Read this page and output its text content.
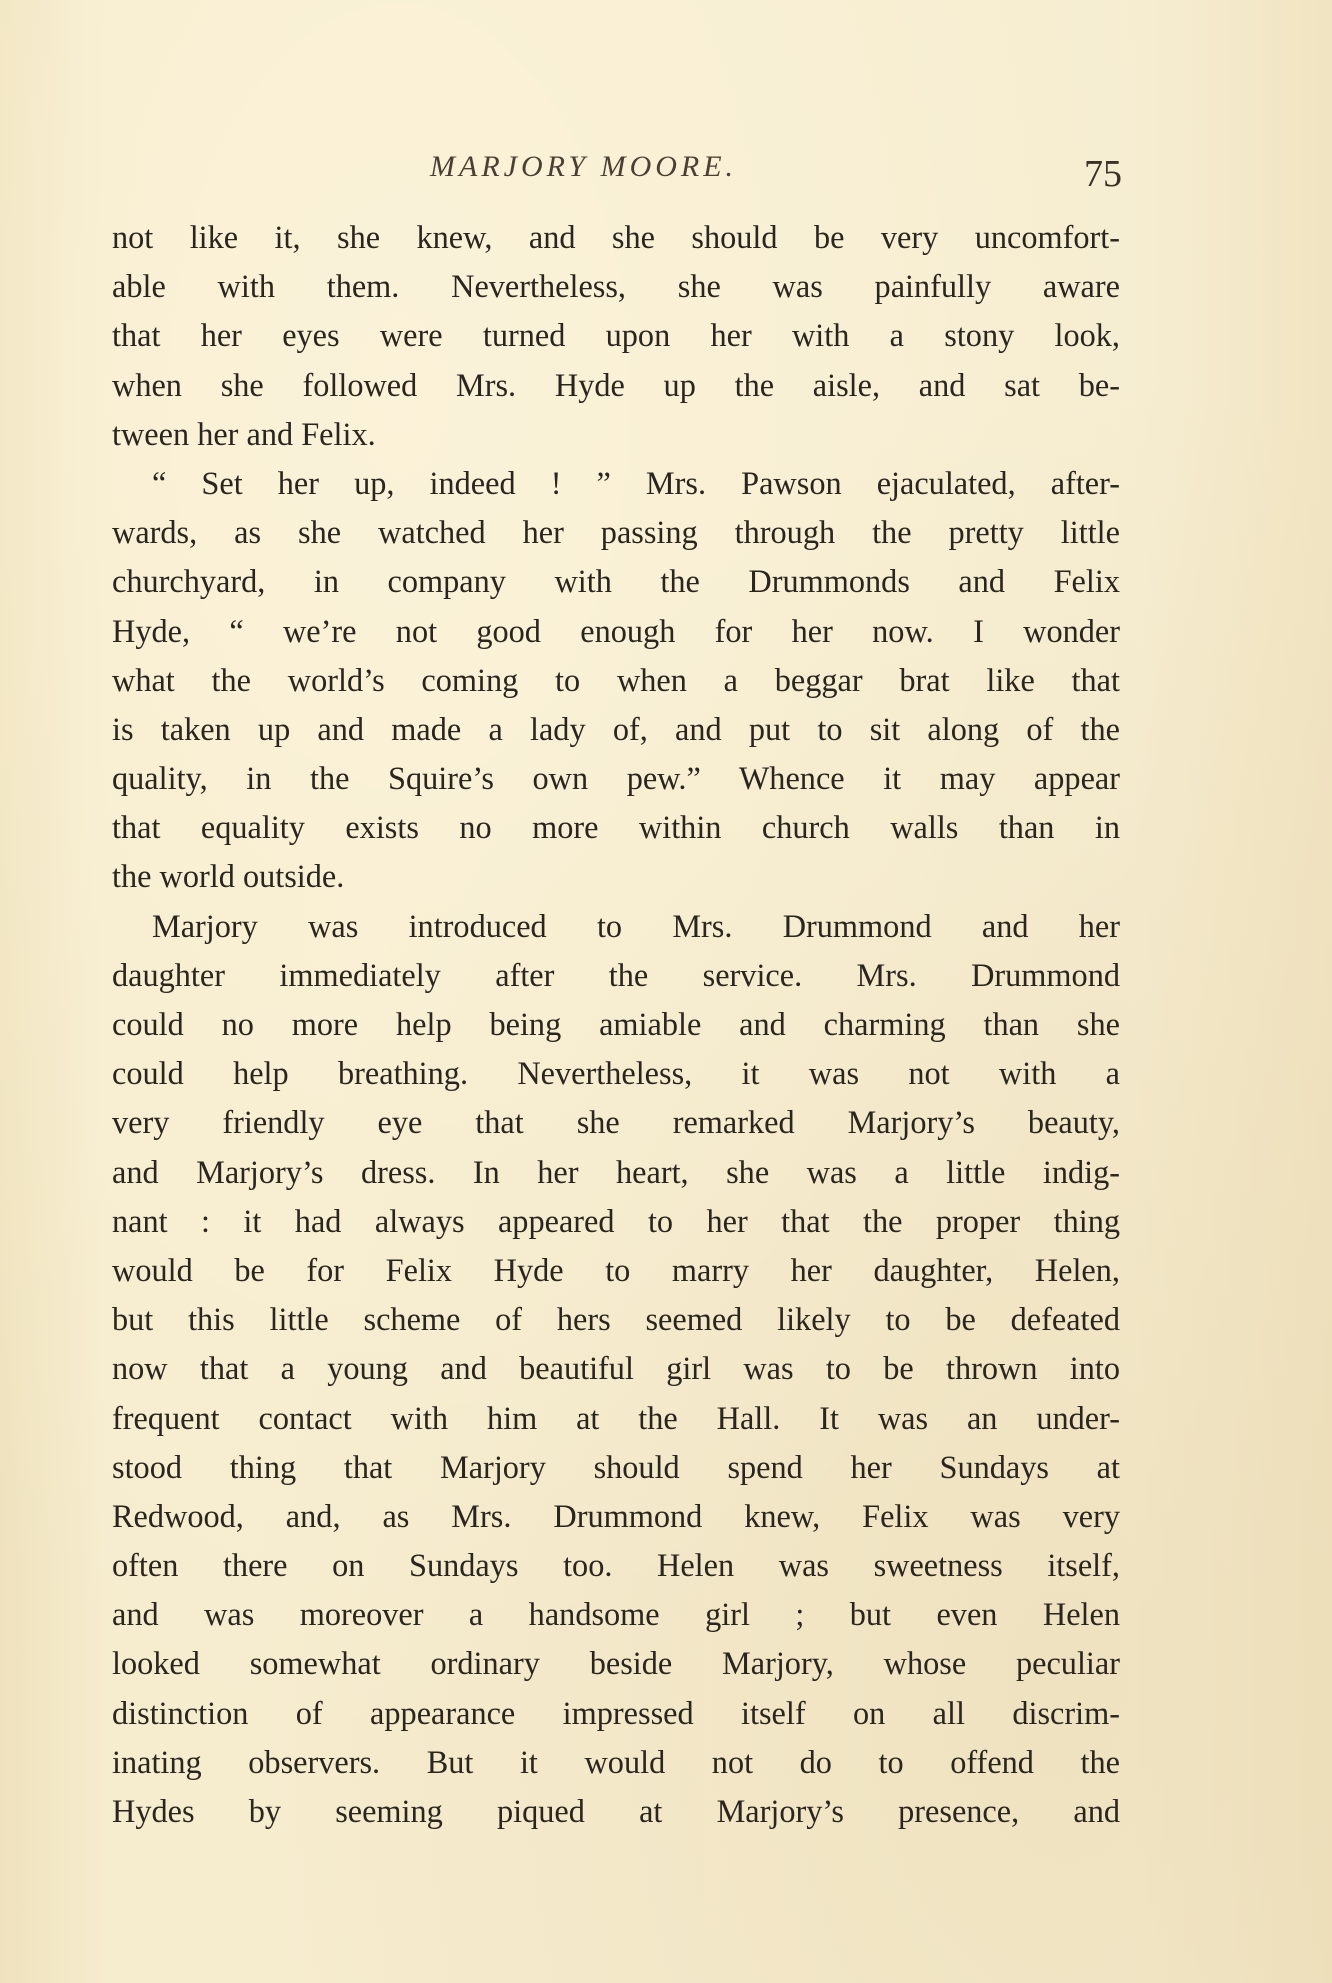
MARJORY MOORE.	75
not like it, she knew, and she should be very uncomfort-
able with them. Nevertheless, she was painfully aware
that her eyes were turned upon her with a stony look,
when she followed Mrs. Hyde up the aisle, and sat be-
tween her and Felix.
“ Set her up, indeed ! ” Mrs. Pawson ejaculated, after-
wards, as she watched her passing through the pretty little
churchyard, in company with the Drummonds and Felix
Hyde, “ we’re not good enough for her now. I wonder
what the world’s coming to when a beggar brat like that
is taken up and made a lady of, and put to sit along of the
quality, in the Squire’s own pew.” Whence it may appear
that equality exists no more within church walls than in
the world outside.
Marjory was introduced to Mrs. Drummond and her
daughter immediately after the service. Mrs. Drummond
could no more help being amiable and charming than she
could help breathing. Nevertheless, it was not with a
very friendly eye that she remarked Marjory’s beauty,
and Marjory’s dress. In her heart, she was a little indig-
nant : it had always appeared to her that the proper thing
would be for Felix Hyde to marry her daughter, Helen,
but this little scheme of hers seemed likely to be defeated
now that a young and beautiful girl was to be thrown into
frequent contact with him at the Hall. It was an under-
stood thing that Marjory should spend her Sundays at
Redwood, and, as Mrs. Drummond knew, Felix was very
often there on Sundays too. Helen was sweetness itself,
and was moreover a handsome girl ; but even Helen
looked somewhat ordinary beside Marjory, whose peculiar
distinction of appearance impressed itself on all discrim-
inating observers. But it would not do to offend the
Hydes by seeming piqued at Marjory’s presence, and
